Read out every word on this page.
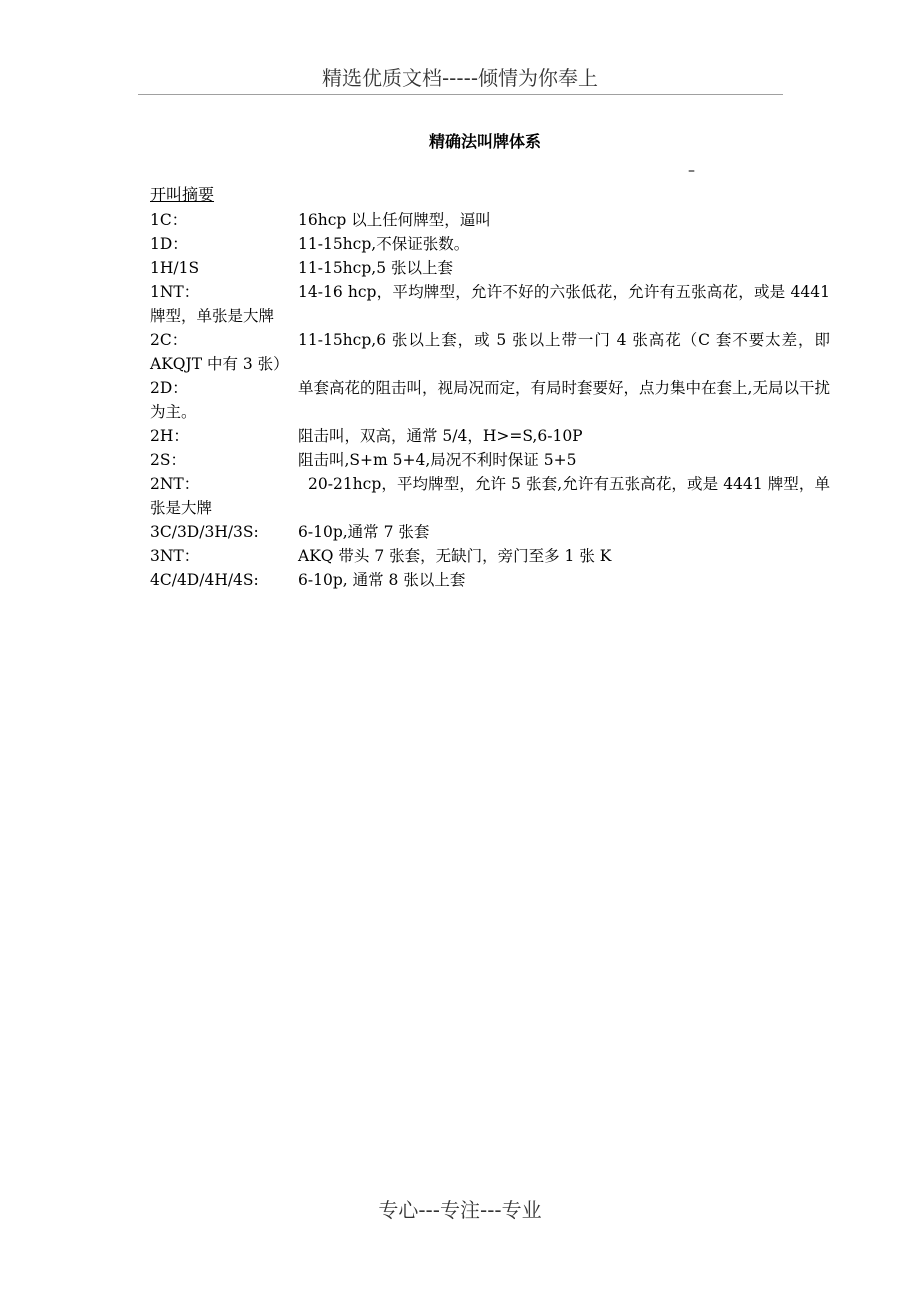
精选优质文档-----倾情为你奉上
精确法叫牌体系
–
开叫摘要
1C：	16hcp 以上任何牌型，逼叫
1D：	11-15hcp,不保证张数。
1H/1S	11-15hcp,5 张以上套
1NT：	14-16 hcp，平均牌型，允许不好的六张低花，允许有五张高花，或是 4441 牌型，单张是大牌
2C：	11-15hcp,6 张以上套，或 5 张以上带一门 4 张高花（C 套不要太差，即 AKQJT 中有 3 张）
2D：	单套高花的阻击叫，视局况而定，有局时套要好，点力集中在套上,无局以干扰为主。
2H：	阻击叫，双高，通常 5/4，H>=S,6-10P
2S：	阻击叫,S+m 5+4,局况不利时保证 5+5
2NT：	20-21hcp，平均牌型，允许 5 张套,允许有五张高花，或是 4441 牌型，单张是大牌
3C/3D/3H/3S:	6-10p,通常 7 张套
3NT：	AKQ 带头 7 张套，无缺门，旁门至多 1 张 K
4C/4D/4H/4S:	6-10p, 通常 8 张以上套
专心---专注---专业
